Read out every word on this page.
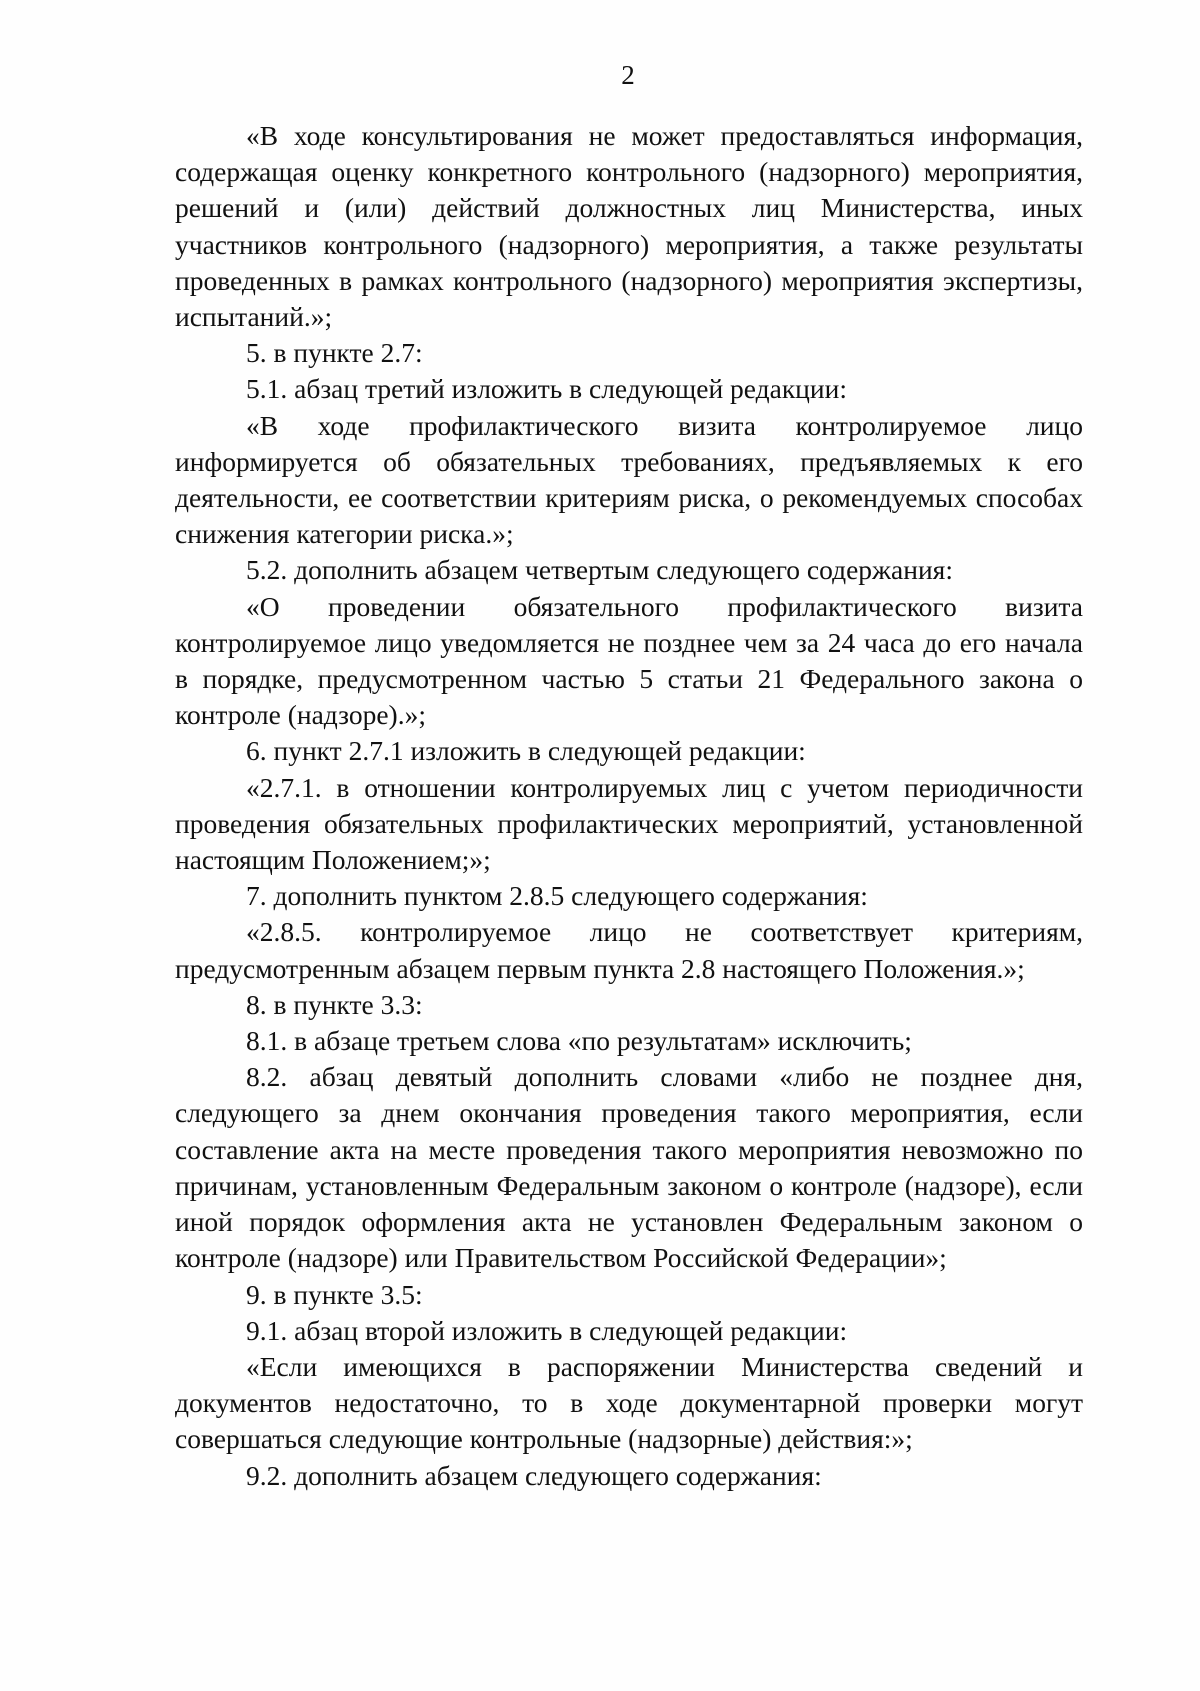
2

«В ходе консультирования не может предоставляться информация, содержащая оценку конкретного контрольного (надзорного) мероприятия, решений и (или) действий должностных лиц Министерства, иных участников контрольного (надзорного) мероприятия, а также результаты проведенных в рамках контрольного (надзорного) мероприятия экспертизы, испытаний.»;

5. в пункте 2.7:

5.1. абзац третий изложить в следующей редакции:

«В ходе профилактического визита контролируемое лицо информируется об обязательных требованиях, предъявляемых к его деятельности, ее соответствии критериям риска, о рекомендуемых способах снижения категории риска.»;

5.2. дополнить абзацем четвертым следующего содержания:

«О проведении обязательного профилактического визита контролируемое лицо уведомляется не позднее чем за 24 часа до его начала в порядке, предусмотренном частью 5 статьи 21 Федерального закона о контроле (надзоре).»;

6. пункт 2.7.1 изложить в следующей редакции:

«2.7.1. в отношении контролируемых лиц с учетом периодичности проведения обязательных профилактических мероприятий, установленной настоящим Положением;»;

7. дополнить пунктом 2.8.5 следующего содержания:

«2.8.5. контролируемое лицо не соответствует критериям, предусмотренным абзацем первым пункта 2.8 настоящего Положения.»;

8. в пункте 3.3:

8.1. в абзаце третьем слова «по результатам» исключить;

8.2. абзац девятый дополнить словами «либо не позднее дня, следующего за днем окончания проведения такого мероприятия, если составление акта на месте проведения такого мероприятия невозможно по причинам, установленным Федеральным законом о контроле (надзоре), если иной порядок оформления акта не установлен Федеральным законом о контроле (надзоре) или Правительством Российской Федерации»;

9. в пункте 3.5:

9.1. абзац второй изложить в следующей редакции:

«Если имеющихся в распоряжении Министерства сведений и документов недостаточно, то в ходе документарной проверки могут совершаться следующие контрольные (надзорные) действия:»;

9.2. дополнить абзацем следующего содержания:
